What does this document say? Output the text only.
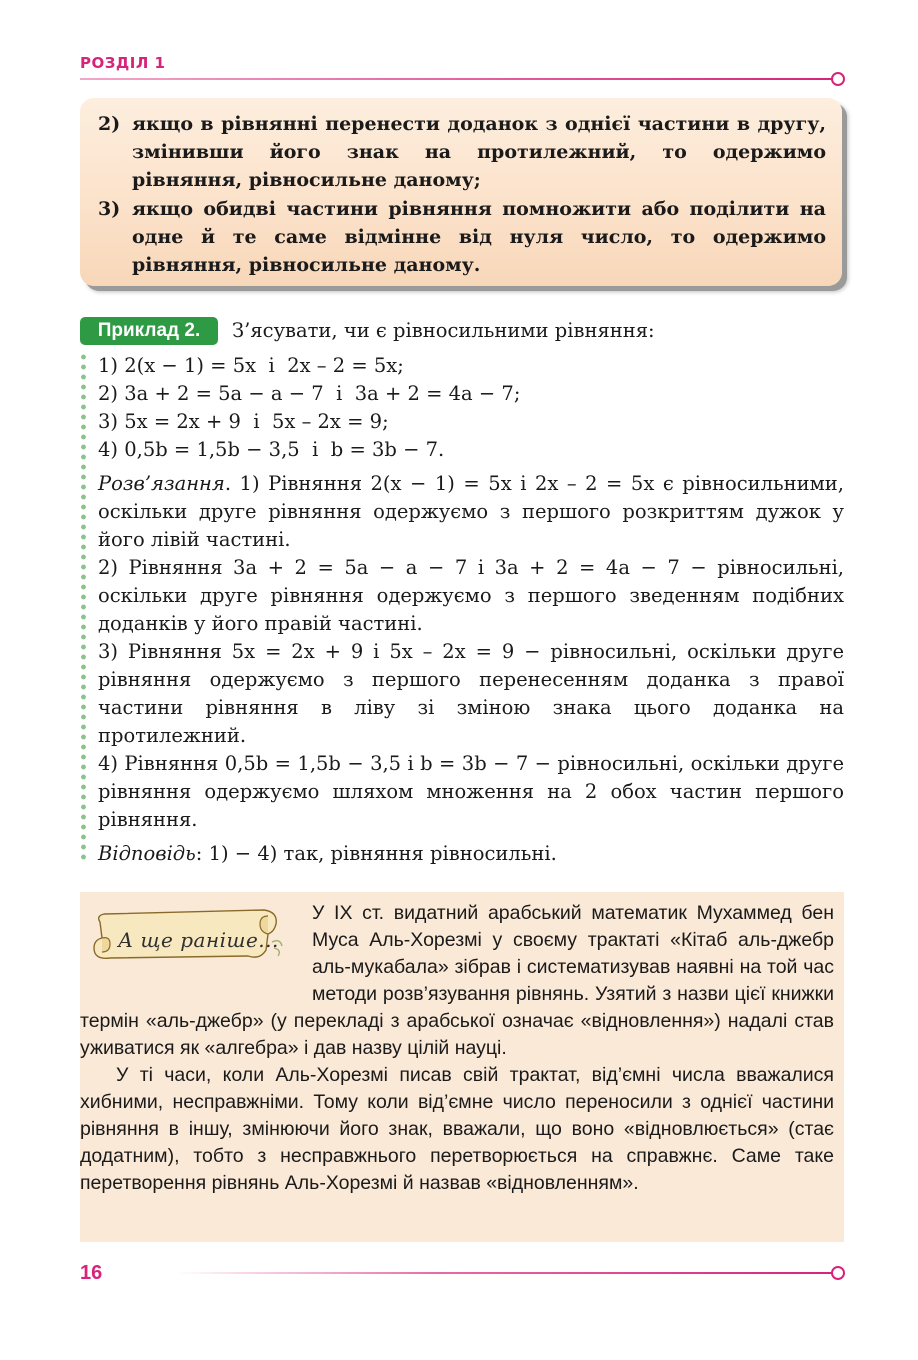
РОЗДІЛ 1
2) якщо в рівнянні перенести доданок з однієї частини в другу, змінивши його знак на протилежний, то одержимо рівняння, рівносильне даному;
3) якщо обидві частини рівняння помножити або поділити на одне й те саме відмінне від нуля число, то одержимо рівняння, рівносильне даному.
Приклад 2.	З’ясувати, чи є рівносильними рівняння:
1) 2(x − 1) = 5x і 2x – 2 = 5x;
2) 3a + 2 = 5a − a − 7 і 3a + 2 = 4a − 7;
3) 5x = 2x + 9 і 5x – 2x = 9;
4) 0,5b = 1,5b − 3,5 і b = 3b − 7.

Розв’язання. 1) Рівняння 2(x − 1) = 5x і 2x – 2 = 5x є рівносильними, оскільки друге рівняння одержуємо з першого розкриттям дужок у його лівій частині.

2) Рівняння 3a + 2 = 5a − a − 7 і 3a + 2 = 4a − 7 − рівносильні, оскільки друге рівняння одержуємо з першого зведенням подібних доданків у його правій частині.

3) Рівняння 5x = 2x + 9 і 5x – 2x = 9 − рівносильні, оскільки друге рівняння одержуємо з першого перенесенням доданка з правої частини рівняння в ліву зі зміною знака цього доданка на протилежний.

4) Рівняння 0,5b = 1,5b − 3,5 і b = 3b − 7 − рівносильні, оскільки друге рівняння одержуємо шляхом множення на 2 обох частин першого рівняння.

Відповідь: 1) − 4) так, рівняння рівносильні.
А ще раніше...

У IX ст. видатний арабський математик Мухаммед бен Муса Аль-Хорезмі у своєму трактаті «Кітаб аль-джебр аль-мукабала» зібрав і систематизував наявні на той час методи розв’язування рівнянь. Узятий з назви цієї книжки термін «аль-джебр» (у перекладі з арабської означає «відновлення») надалі став уживатися як «алгебра» і дав назву цілій науці.

У ті часи, коли Аль-Хорезмі писав свій трактат, від’ємні числа вважалися хибними, несправжніми. Тому коли від’ємне число переносили з однієї частини рівняння в іншу, змінюючи його знак, вважали, що воно «відновлюється» (стає додатним), тобто з несправжнього перетворюється на справжнє. Саме таке перетворення рівнянь Аль-Хорезмі й назвав «відновленням».

16
